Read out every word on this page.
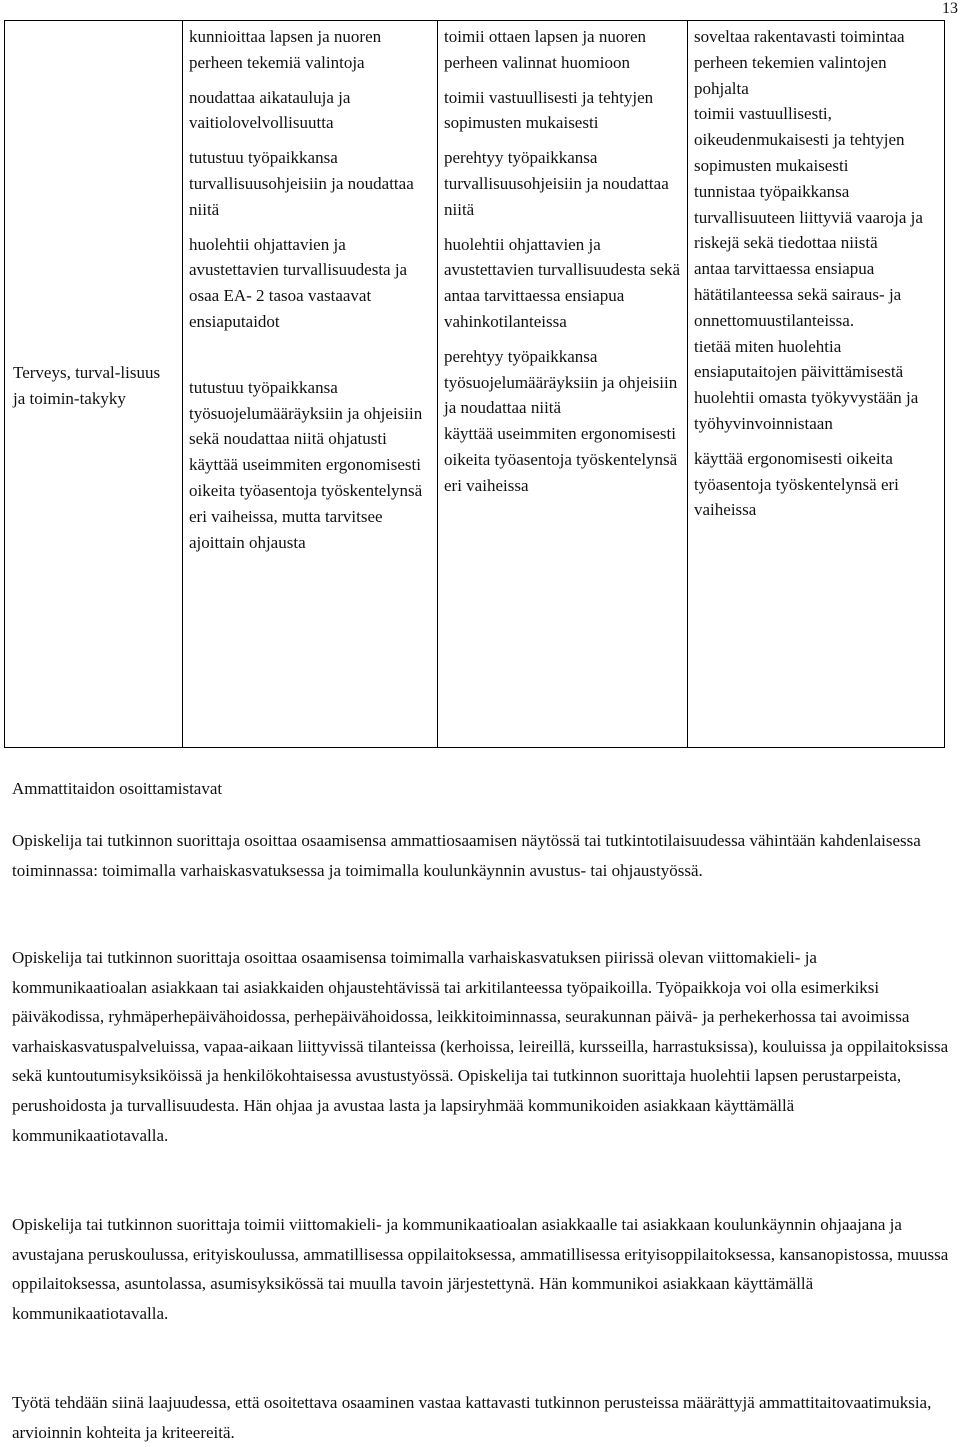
13
Terveys, turval-lisuus ja toimin-takyky

kunnioittaa lapsen ja nuoren perheen tekemiä valintoja
noudattaa aikatauluja ja vaitiolovelvollisuutta
tutustuu työpaikkansa turvallisuusohjeisiin ja noudattaa niitä
huolehtii ohjattavien ja avustettavien turvallisuudesta ja osaa EA- 2 tasoa vastaavat ensiaputaidot
tutustuu työpaikkansa työsuojelumääräyksiin ja ohjeisiin sekä noudattaa niitä ohjatusti
käyttää useimmiten ergonomisesti oikeita työasentoja työskentelynsä eri vaiheissa, mutta tarvitsee ajoittain ohjausta

toimii ottaen lapsen ja nuoren perheen valinnat huomioon
toimii vastuullisesti ja tehtyjen sopimusten mukaisesti
perehtyy työpaikkansa turvallisuusohjeisiin ja noudattaa niitä
huolehtii ohjattavien ja avustettavien turvallisuudesta sekä antaa tarvittaessa ensiapua vahinkotilanteissa
perehtyy työpaikkansa työsuojelumääräyksiin ja ohjeisiin ja noudattaa niitä
käyttää useimmiten ergonomisesti oikeita työasentoja työskentelynsä eri vaiheissa

soveltaa rakentavasti toimintaa perheen tekemien valintojen pohjalta
toimii vastuullisesti, oikeudenmukaisesti ja tehtyjen sopimusten mukaisesti
tunnistaa työpaikkansa turvallisuuteen liittyviä vaaroja ja riskejä sekä tiedottaa niistä
antaa tarvittaessa ensiapua hätätilanteessa sekä sairaus- ja onnettomuustilanteissa.
tietää miten huolehtia ensiaputaitojen päivittämisestä
huolehtii omasta työkyvystään ja työhyvinvoinnistaan
käyttää ergonomisesti oikeita työasentoja työskentelynsä eri vaiheissa

Ammattitaidon osoittamistavat

Opiskelija tai tutkinnon suorittaja osoittaa osaamisensa ammattiosaamisen näytössä tai tutkintotilaisuudessa vähintään kahdenlaisessa toiminnassa: toimimalla varhaiskasvatuksessa ja toimimalla koulunkäynnin avustus- tai ohjaustyössä.

Opiskelija tai tutkinnon suorittaja osoittaa osaamisensa toimimalla varhaiskasvatuksen piirissä olevan viittomakieli- ja kommunikaatioalan asiakkaan tai asiakkaiden ohjaustehtävissä tai arkitilanteessa työpaikoilla. Työpaikkoja voi olla esimerkiksi päiväkodissa, ryhmäperhepäivähoidossa, perhepäivähoidossa, leikkitoiminnassa, seurakunnan päivä- ja perhekerhossa tai avoimissa varhaiskasvatuspalveluissa, vapaa-aikaan liittyvissä tilanteissa (kerhoissa, leireillä, kursseilla, harrastuksissa), kouluissa ja oppilaitoksissa sekä kuntoutumisyksiköissä ja henkilökohtaisessa avustustyössä. Opiskelija tai tutkinnon suorittaja huolehtii lapsen perustarpeista, perushoidosta ja turvallisuudesta. Hän ohjaa ja avustaa lasta ja lapsiryhmää kommunikoiden asiakkaan käyttämällä kommunikaatiotavalla.

Opiskelija tai tutkinnon suorittaja toimii viittomakieli- ja kommunikaatioalan asiakkaalle tai asiakkaan koulunkäynnin ohjaajana ja avustajana peruskoulussa, erityiskoulussa, ammatillisessa oppilaitoksessa, ammatillisessa erityisoppilaitoksessa, kansanopistossa, muussa oppilaitoksessa, asuntolassa, asumisyksikössä tai muulla tavoin järjestettynä. Hän kommunikoi asiakkaan käyttämällä kommunikaatiotavalla.

Työtä tehdään siinä laajuudessa, että osoitettava osaaminen vastaa kattavasti tutkinnon perusteissa määrättyjä ammattitaitovaatimuksia, arvioinnin kohteita ja kriteereitä.
